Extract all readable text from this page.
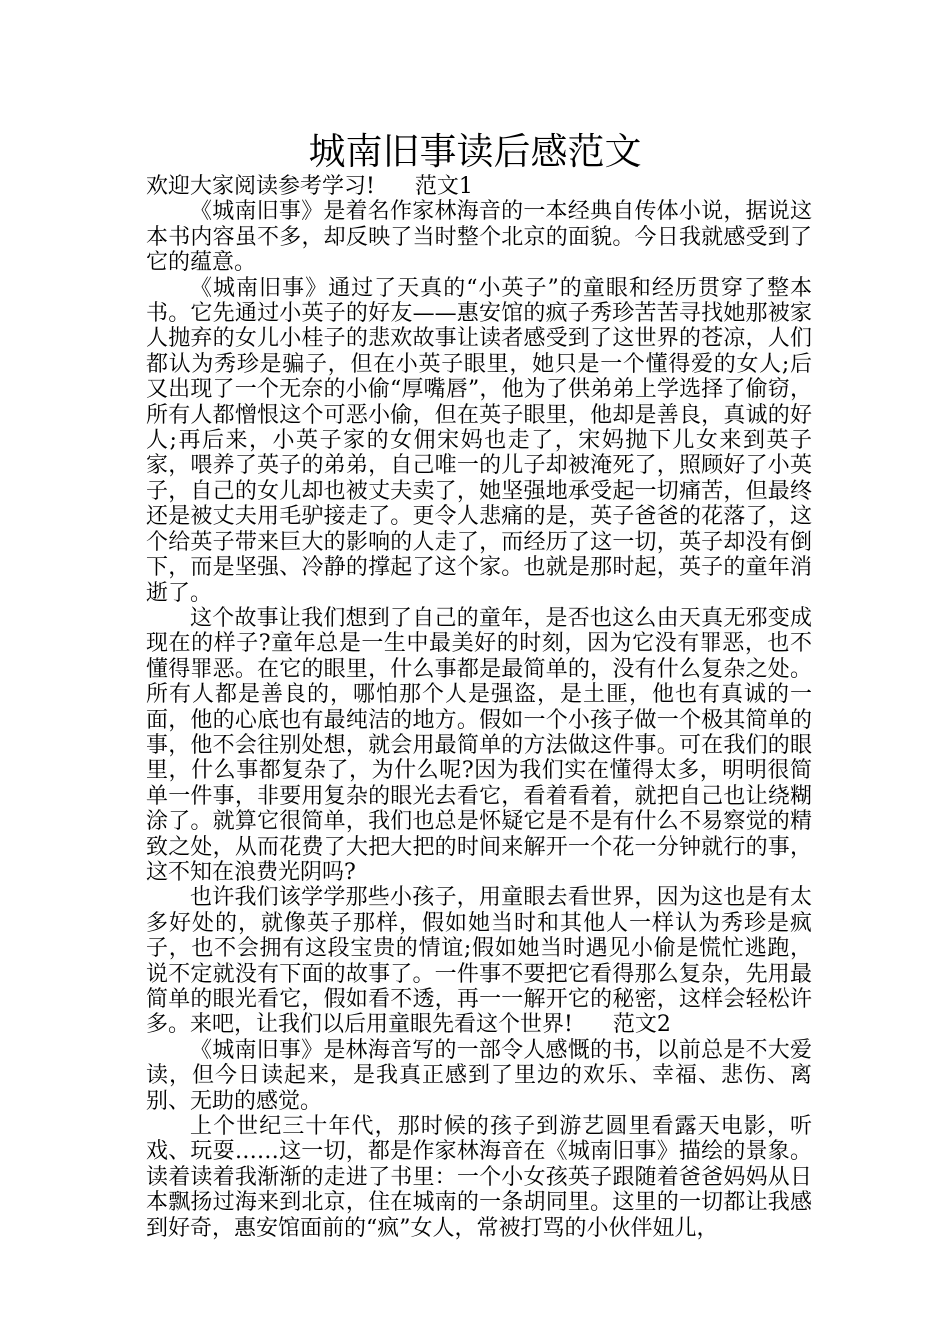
城南旧事读后感范文

欢迎大家阅读参考学习! 范文1

《城南旧事》是着名作家林海音的一本经典自传体小说，据说这本书内容虽不多，却反映了当时整个北京的面貌。今日我就感受到了它的蕴意。

《城南旧事》通过了天真的“小英子”的童眼和经历贯穿了整本书。它先通过小英子的好友——惠安馆的疯子秀珍苦苦寻找她那被家人抛弃的女儿小桂子的悲欢故事让读者感受到了这世界的苍凉，人们都认为秀珍是骗子，但在小英子眼里，她只是一个懂得爱的女人;后又出现了一个无奈的小偷“厚嘴唇”，他为了供弟弟上学选择了偷窃，所有人都憎恨这个可恶小偷，但在英子眼里，他却是善良，真诚的好人;再后来，小英子家的女佣宋妈也走了，宋妈抛下儿女来到英子家，喂养了英子的弟弟，自己唯一的儿子却被淹死了，照顾好了小英子，自己的女儿却也被丈夫卖了，她坚强地承受起一切痛苦，但最终还是被丈夫用毛驴接走了。更令人悲痛的是，英子爸爸的花落了，这个给英子带来巨大的影响的人走了，而经历了这一切，英子却没有倒下，而是坚强、冷静的撑起了这个家。也就是那时起，英子的童年消逝了。

这个故事让我们想到了自己的童年，是否也这么由天真无邪变成现在的样子?童年总是一生中最美好的时刻，因为它没有罪恶，也不懂得罪恶。在它的眼里，什么事都是最简单的，没有什么复杂之处。所有人都是善良的，哪怕那个人是强盗，是土匪，他也有真诚的一面，他的心底也有最纯洁的地方。假如一个小孩子做一个极其简单的事，他不会往别处想，就会用最简单的方法做这件事。可在我们的眼里，什么事都复杂了，为什么呢?因为我们实在懂得太多，明明很简单一件事，非要用复杂的眼光去看它，看着看着，就把自己也让绕糊涂了。就算它很简单，我们也总是怀疑它是不是有什么不易察觉的精致之处，从而花费了大把大把的时间来解开一个花一分钟就行的事，这不知在浪费光阴吗?

也许我们该学学那些小孩子，用童眼去看世界，因为这也是有太多好处的，就像英子那样，假如她当时和其他人一样认为秀珍是疯子，也不会拥有这段宝贵的情谊;假如她当时遇见小偷是慌忙逃跑，说不定就没有下面的故事了。一件事不要把它看得那么复杂，先用最简单的眼光看它，假如看不透，再一一解开它的秘密，这样会轻松许多。来吧，让我们以后用童眼先看这个世界! 范文2

《城南旧事》是林海音写的一部令人感慨的书，以前总是不大爱读，但今日读起来，是我真正感到了里边的欢乐、幸福、悲伤、离别、无助的感觉。

上个世纪三十年代，那时候的孩子到游艺圆里看露天电影，听戏、玩耍……这一切，都是作家林海音在《城南旧事》描绘的景象。读着读着我渐渐的走进了书里：一个小女孩英子跟随着爸爸妈妈从日本飘扬过海来到北京，住在城南的一条胡同里。这里的一切都让我感到好奇，惠安馆面前的“疯”女人，常被打骂的小伙伴妞儿，
